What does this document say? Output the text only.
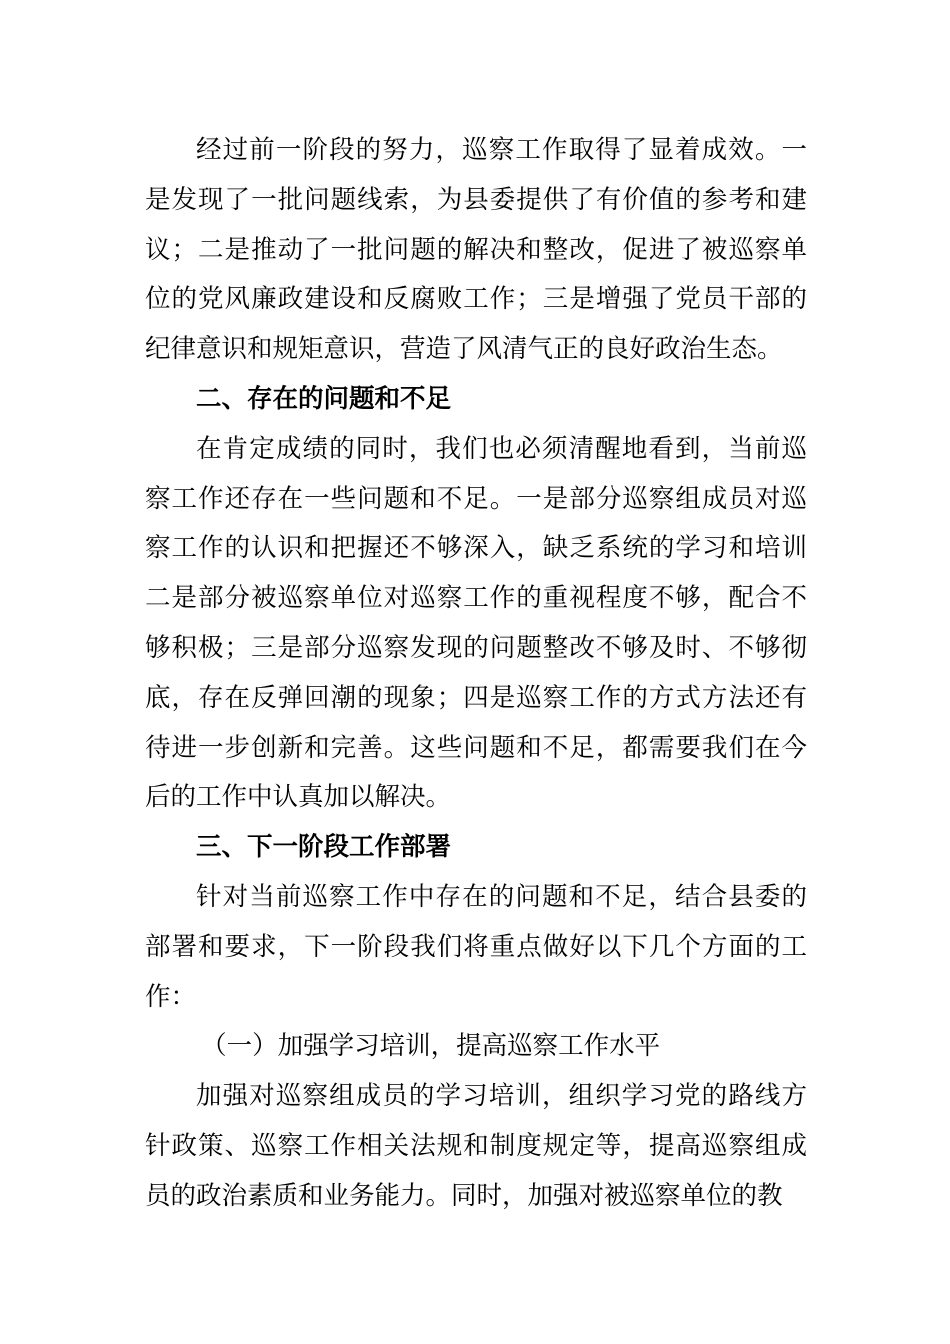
经过前一阶段的努力，巡察工作取得了显着成效。一是发现了一批问题线索，为县委提供了有价值的参考和建议；二是推动了一批问题的解决和整改，促进了被巡察单位的党风廉政建设和反腐败工作；三是增强了党员干部的纪律意识和规矩意识，营造了风清气正的良好政治生态。

二、存在的问题和不足

在肯定成绩的同时，我们也必须清醒地看到，当前巡察工作还存在一些问题和不足。一是部分巡察组成员对巡察工作的认识和把握还不够深入，缺乏系统的学习和培训二是部分被巡察单位对巡察工作的重视程度不够，配合不够积极；三是部分巡察发现的问题整改不够及时、不够彻底，存在反弹回潮的现象；四是巡察工作的方式方法还有待进一步创新和完善。这些问题和不足，都需要我们在今后的工作中认真加以解决。

三、下一阶段工作部署

针对当前巡察工作中存在的问题和不足，结合县委的部署和要求，下一阶段我们将重点做好以下几个方面的工作：

（一）加强学习培训，提高巡察工作水平

加强对巡察组成员的学习培训，组织学习党的路线方针政策、巡察工作相关法规和制度规定等，提高巡察组成员的政治素质和业务能力。同时，加强对被巡察单位的教
